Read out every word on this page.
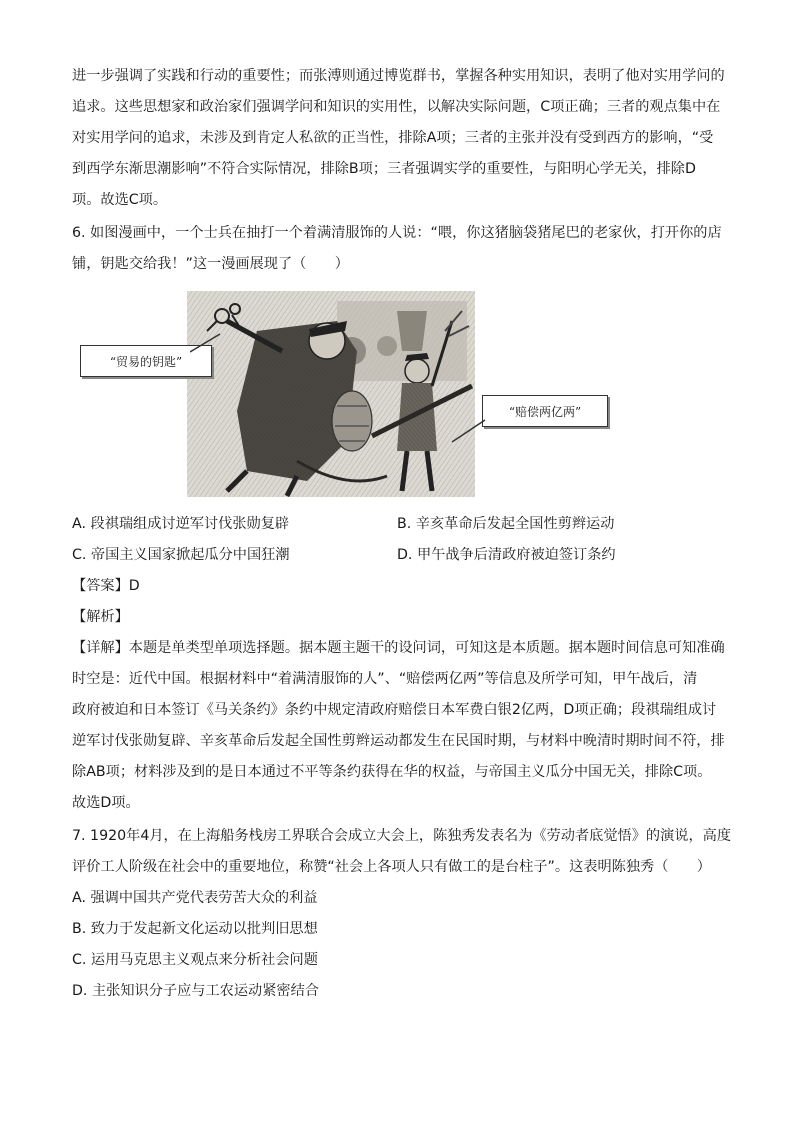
进一步强调了实践和行动的重要性；而张溥则通过博览群书，掌握各种实用知识，表明了他对实用学问的
追求。这些思想家和政治家们强调学问和知识的实用性，以解决实际问题，C项正确；三者的观点集中在
对实用学问的追求，未涉及到肯定人私欲的正当性，排除A项；三者的主张并没有受到西方的影响，“受
到西学东渐思潮影响”不符合实际情况，排除B项；三者强调实学的重要性，与阳明心学无关，排除D
项。故选C项。
6. 如图漫画中，一个士兵在抽打一个着满清服饰的人说：“喂，你这猪脑袋猪尾巴的老家伙，打开你的店
铺，钥匙交给我！”这一漫画展现了（　　）
“贸易的钥匙”
“赔偿两亿两”
A. 段祺瑞组成讨逆军讨伐张勋复辟	B. 辛亥革命后发起全国性剪辫运动
C. 帝国主义国家掀起瓜分中国狂潮	D. 甲午战争后清政府被迫签订条约
【答案】D
【解析】
【详解】本题是单类型单项选择题。据本题主题干的设问词，可知这是本质题。据本题时间信息可知准确
时空是：近代中国。根据材料中“着满清服饰的人”、“赔偿两亿两”等信息及所学可知，甲午战后，清
政府被迫和日本签订《马关条约》条约中规定清政府赔偿日本军费白银2亿两，D项正确；段祺瑞组成讨
逆军讨伐张勋复辟、辛亥革命后发起全国性剪辫运动都发生在民国时期，与材料中晚清时期时间不符，排
除AB项；材料涉及到的是日本通过不平等条约获得在华的权益，与帝国主义瓜分中国无关，排除C项。
故选D项。
7. 1920年4月，在上海船务栈房工界联合会成立大会上，陈独秀发表名为《劳动者底觉悟》的演说，高度
评价工人阶级在社会中的重要地位，称赞“社会上各项人只有做工的是台柱子”。这表明陈独秀（　　）
A. 强调中国共产党代表劳苦大众的利益
B. 致力于发起新文化运动以批判旧思想
C. 运用马克思主义观点来分析社会问题
D. 主张知识分子应与工农运动紧密结合
